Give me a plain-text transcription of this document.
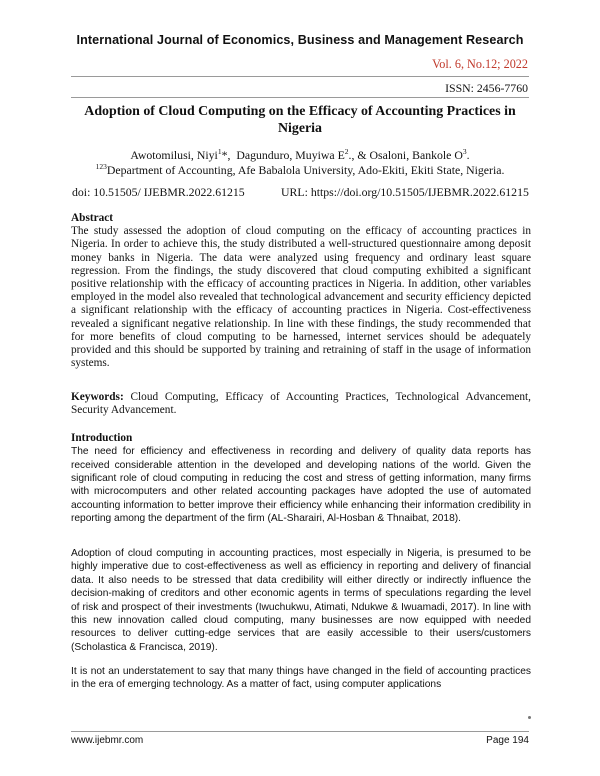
International Journal of Economics, Business and Management Research
Vol. 6, No.12; 2022
ISSN: 2456-7760
Adoption of Cloud Computing on the Efficacy of Accounting Practices in Nigeria
Awotomilusi, Niyi$^1$*, Dagunduro, Muyiwa $E^2$., & Osaloni, Bankole $O^3$.
$^{123}$Department of Accounting, Afe Babalola University, Ado-Ekiti, Ekiti State, Nigeria.
doi: 10.51505/ IJEBMR.2022.61215	URL: https://doi.org/10.51505/IJEBMR.2022.61215

Abstract

The study assessed the adoption of cloud computing on the efficacy of accounting practices in Nigeria. In order to achieve this, the study distributed a well-structured questionnaire among deposit money banks in Nigeria. The data were analyzed using frequency and ordinary least square regression. From the findings, the study discovered that cloud computing exhibited a significant positive relationship with the efficacy of accounting practices in Nigeria. In addition, other variables employed in the model also revealed that technological advancement and security efficiency depicted a significant relationship with the efficacy of accounting practices in Nigeria. Cost-effectiveness revealed a significant negative relationship. In line with these findings, the study recommended that for more benefits of cloud computing to be harnessed, internet services should be adequately provided and this should be supported by training and retraining of staff in the usage of information systems.

Keywords: Cloud Computing, Efficacy of Accounting Practices, Technological Advancement, Security Advancement.

Introduction

The need for efficiency and effectiveness in recording and delivery of quality data reports has received considerable attention in the developed and developing nations of the world. Given the significant role of cloud computing in reducing the cost and stress of getting information, many firms with microcomputers and other related accounting packages have adopted the use of automated accounting information to better improve their efficiency while enhancing their information credibility in reporting among the department of the firm (AL-Sharairi, Al-Hosban & Thnaibat, 2018).

Adoption of cloud computing in accounting practices, most especially in Nigeria, is presumed to be highly imperative due to cost-effectiveness as well as efficiency in reporting and delivery of financial data. It also needs to be stressed that data credibility will either directly or indirectly influence the decision-making of creditors and other economic agents in terms of speculations regarding the level of risk and prospect of their investments (Iwuchukwu, Atimati, Ndukwe & Iwuamadi, 2017). In line with this new innovation called cloud computing, many businesses are now equipped with needed resources to deliver cutting-edge services that are easily accessible to their users/customers (Scholastica & Francisca, 2019).
It is not an understatement to say that many things have changed in the field of accounting practices in the era of emerging technology. As a matter of fact, using computer applications
www.ijebmr.com	Page 194
